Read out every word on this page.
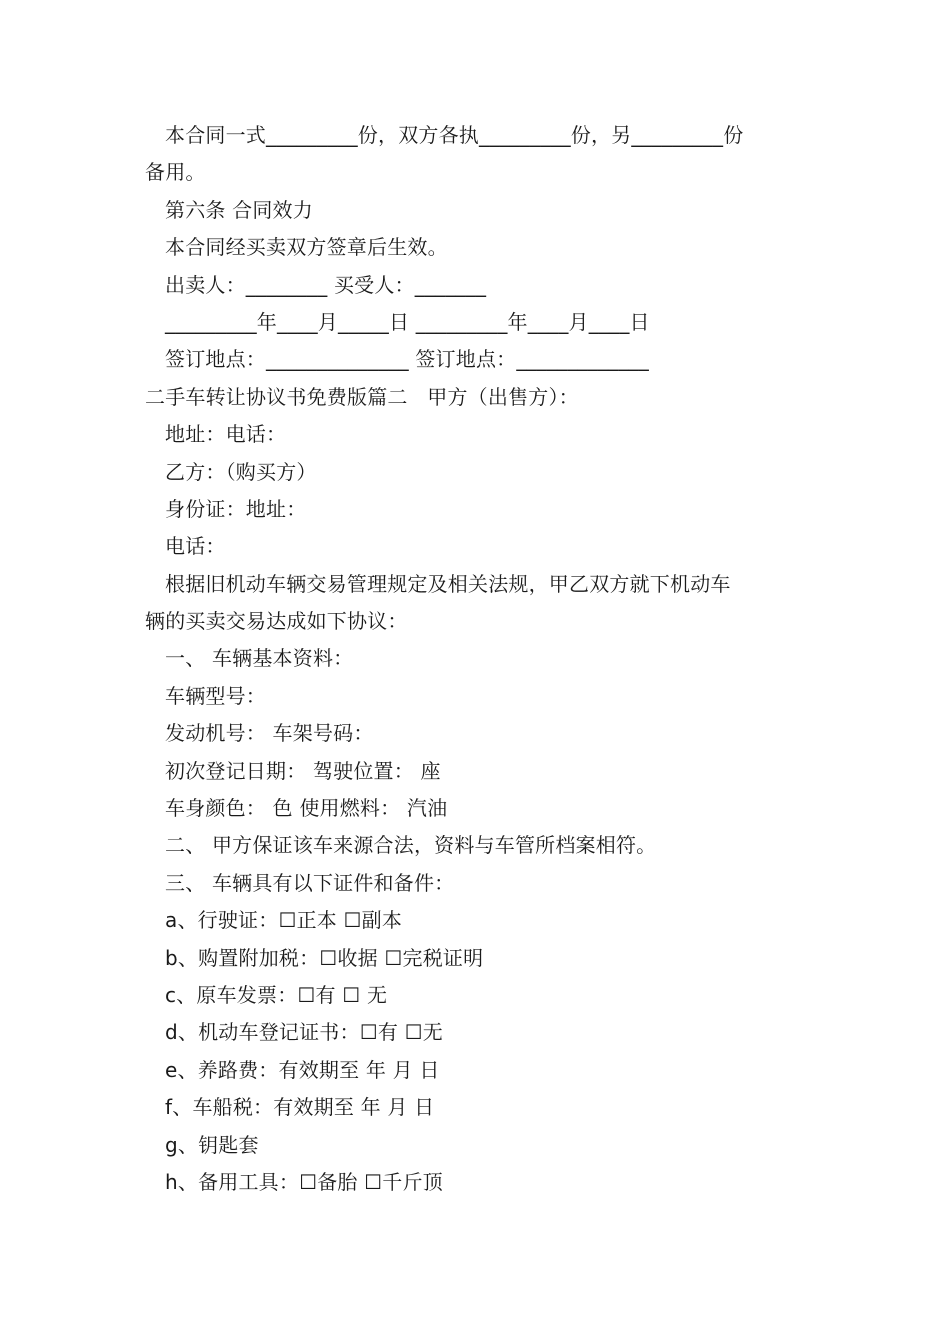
本合同一式_________份，双方各执_________份，另_________份
备用。
第六条 合同效力
本合同经买卖双方签章后生效。
出卖人：________ 买受人：_______
_________年____月_____日 _________年____月____日
签订地点：______________ 签订地点：_____________
二手车转让协议书免费版篇二   甲方（出售方）：
地址：电话：
乙方：（购买方）
身份证：地址：
电话：
根据旧机动车辆交易管理规定及相关法规，甲乙双方就下机动车
辆的买卖交易达成如下协议：
一、 车辆基本资料：
车辆型号：
发动机号： 车架号码：
初次登记日期： 驾驶位置： 座
车身颜色： 色 使用燃料： 汽油
二、 甲方保证该车来源合法，资料与车管所档案相符。
三、 车辆具有以下证件和备件：
a、行驶证：☐正本 ☐副本
b、购置附加税：☐收据 ☐完税证明
c、原车发票：☐有 ☐ 无
d、机动车登记证书：☐有 ☐无
e、养路费：有效期至 年 月 日
f、车船税：有效期至 年 月 日
g、钥匙套
h、备用工具：☐备胎 ☐千斤顶
